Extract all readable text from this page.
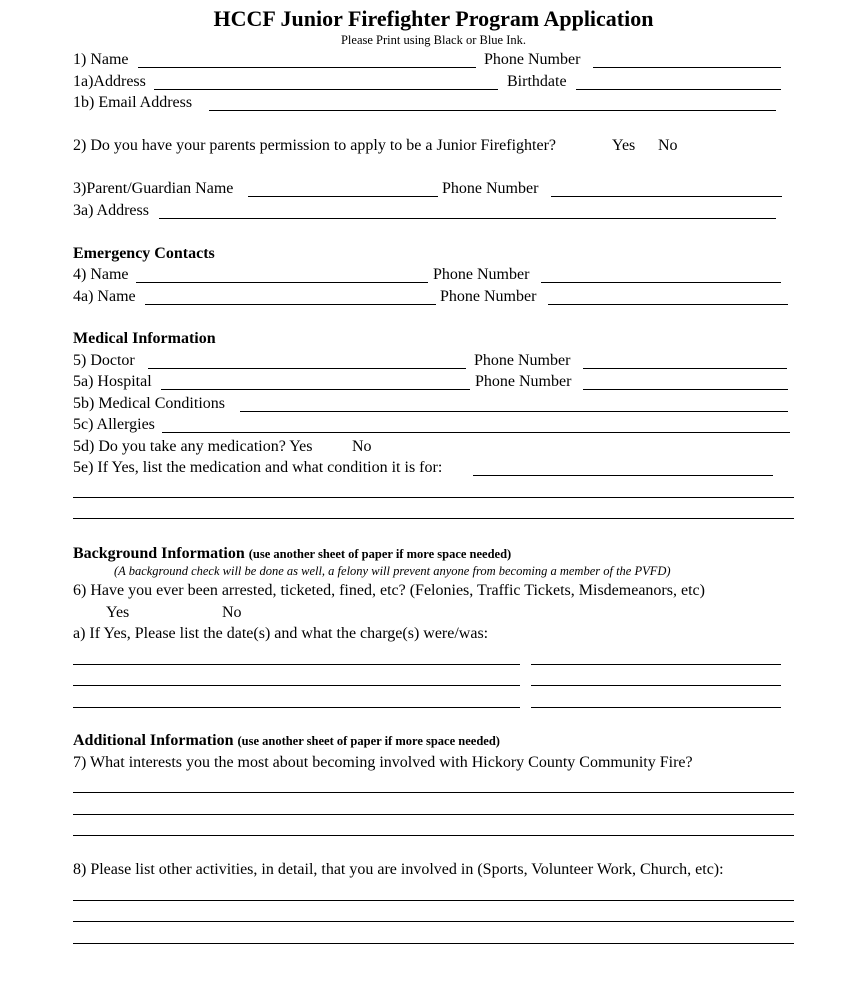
HCCF Junior Firefighter Program Application
Please Print using Black or Blue Ink.
1) Name	Phone Number
1a)Address	Birthdate
1b) Email Address
2) Do you have your parents permission to apply to be a Junior Firefighter?	Yes No
3)Parent/Guardian Name	Phone Number
3a) Address
Emergency Contacts
4) Name	Phone Number
4a) Name	Phone Number
Medical Information
5) Doctor	Phone Number
5a) Hospital	Phone Number
5b) Medical Conditions
5c) Allergies
5d) Do you take any medication? Yes No
5e) If Yes, list the medication and what condition it is for:
Background Information (use another sheet of paper if more space needed)
(A background check will be done as well, a felony will prevent anyone from becoming a member of the PVFD)
6) Have you ever been arrested, ticketed, fined, etc? (Felonies, Traffic Tickets, Misdemeanors, etc)
Yes	No
a) If Yes, Please list the date(s) and what the charge(s) were/was:
Additional Information (use another sheet of paper if more space needed)
7) What interests you the most about becoming involved with Hickory County Community Fire?
8) Please list other activities, in detail, that you are involved in (Sports, Volunteer Work, Church, etc):
